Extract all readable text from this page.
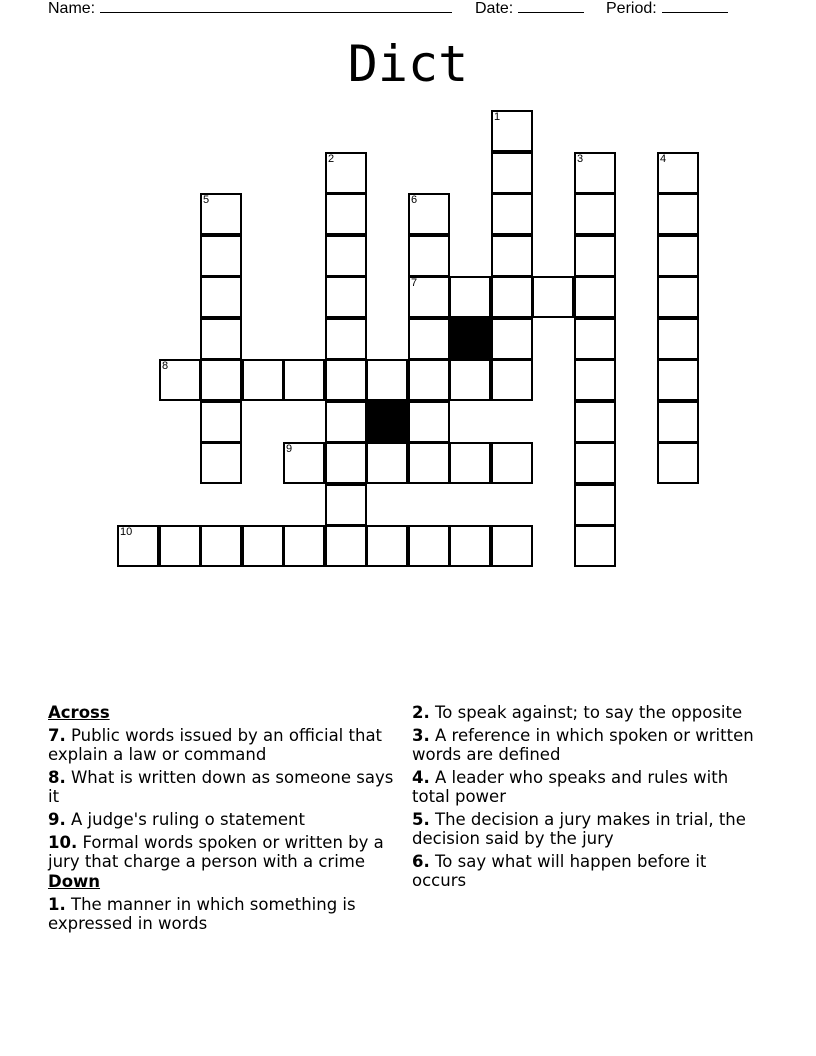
Name:	Date:	Period:
Dict
1
2	3	4
5	6
7
8
9
10
Across
7. Public words issued by an official that explain a law or command
8. What is written down as someone says it
9. A judge's ruling o statement
10. Formal words spoken or written by a jury that charge a person with a crime
Down
1. The manner in which something is expressed in words
2. To speak against; to say the opposite
3. A reference in which spoken or written words are defined
4. A leader who speaks and rules with total power
5. The decision a jury makes in trial, the decision said by the jury
6. To say what will happen before it occurs
